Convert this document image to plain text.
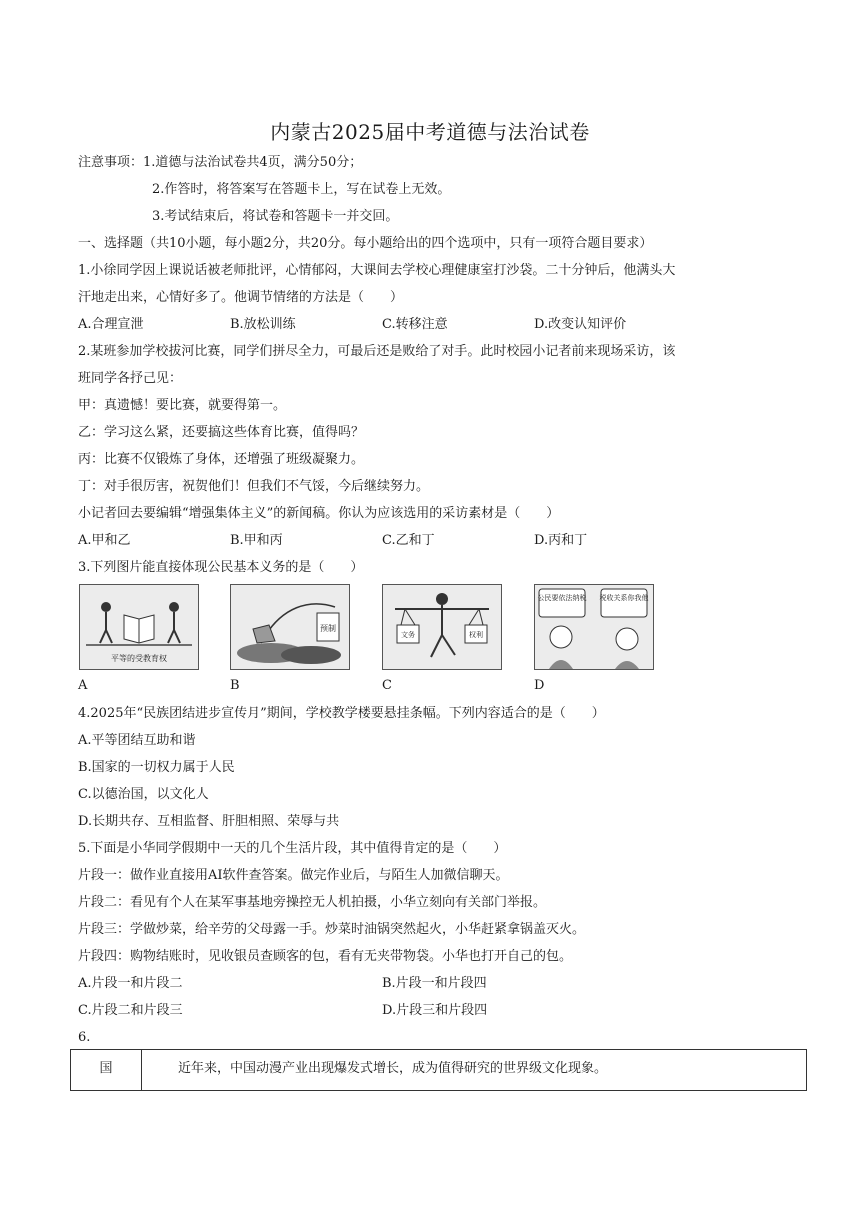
内蒙古2025届中考道德与法治试卷
注意事项：1.道德与法治试卷共4页，满分50分；
2.作答时，将答案写在答题卡上，写在试卷上无效。
3.考试结束后，将试卷和答题卡一并交回。
一、选择题（共10小题，每小题2分，共20分。每小题给出的四个选项中，只有一项符合题目要求）
1.小徐同学因上课说话被老师批评，心情郁闷，大课间去学校心理健康室打沙袋。二十分钟后，他满头大
汗地走出来，心情好多了。他调节情绪的方法是（　　）
A.合理宣泄	B.放松训练	C.转移注意	D.改变认知评价
2.某班参加学校拔河比赛，同学们拼尽全力，可最后还是败给了对手。此时校园小记者前来现场采访，该
班同学各抒己见：
甲：真遗憾！要比赛，就要得第一。
乙：学习这么紧，还要搞这些体育比赛，值得吗？
丙：比赛不仅锻炼了身体，还增强了班级凝聚力。
丁：对手很厉害，祝贺他们！但我们不气馁，今后继续努力。
小记者回去要编辑“增强集体主义”的新闻稿。你认为应该选用的采访素材是（　　）
A.甲和乙	B.甲和丙	C.乙和丁	D.丙和丁
3.下列图片能直接体现公民基本义务的是（　　）
平等的受教育权
预制
文务	权利
公民要依法纳税 税收关系你我他
A	B	C	D
4.2025年“民族团结进步宣传月”期间，学校教学楼要悬挂条幅。下列内容适合的是（　　）
A.平等团结互助和谐
B.国家的一切权力属于人民
C.以德治国，以文化人
D.长期共存、互相监督、肝胆相照、荣辱与共
5.下面是小华同学假期中一天的几个生活片段，其中值得肯定的是（　　）
片段一：做作业直接用AI软件查答案。做完作业后，与陌生人加微信聊天。
片段二：看见有个人在某军事基地旁操控无人机拍摄，小华立刻向有关部门举报。
片段三：学做炒菜，给辛劳的父母露一手。炒菜时油锅突然起火，小华赶紧拿锅盖灭火。
片段四：购物结账时，见收银员查顾客的包，看有无夹带物袋。小华也打开自己的包。
A.片段一和片段二	B.片段一和片段四
C.片段二和片段三	D.片段三和片段四
6.
国	近年来，中国动漫产业出现爆发式增长，成为值得研究的世界级文化现象。
